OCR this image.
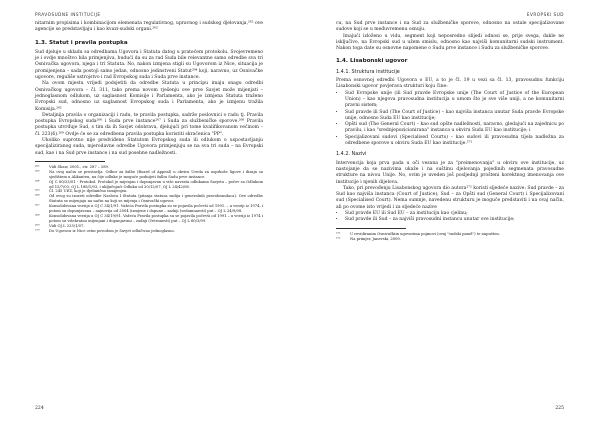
PRAVOSUDNE INSTITUCIJE

nitarnim propisima i kombinacijom elemenata regulativnog, upravnog i sudskog djelovanja,²⁶² ove agencije se predstavljaju i kao kvazi-sudski organi.²⁶³

1.3. Statut i pravila postupka

Sud djeluje u skladu sa odredbama Ugovora i Statuta datog u pratećem protokolu. Svojevremeno je i ovdje mnoštvo bila primjenjiva, budući da su za rad Suda bile relevantne samo odredbe sva tri Osnivačka ugovora, njega i tri Statuta. No, nakon izmjena stigli su Ugovorom iz Nice, situacija je promijenjena – sada postoji samo jedan, odnosno jedinstveni Statut²⁶⁴ koji, naravno, uz Osnivačke ugovore, reguliše ustrojstvo i rad Evropskog suda i Suda prve instance.

Na ovom mjestu vrijedi podsjetiti da odredbe Statuta u principu imaju snagu odredbi Osnivačkog ugovora – čl. 311, tako prema novom rješenju ove prve Savjet može mijenjati – jednoglasnom odlukom, uz saglasnost Komisije i Parlamenta, ako je izmjena Statuta traženo Evropski sud, odnosno uz saglasnost Evropskog suda i Parlamenta, ako je izmjenu tražila Komisija.²⁶⁵

Detaljnija pravila o organizaciji i radu, te pravila postupka, sadrže poslovnici o radu tj. Pravila postupka Evropskog suda²⁶⁶ i Suda prve instance²⁶⁷ i Suda za službeničke sporove.²⁶⁸ Pravila postupka utvrđuje Sud, s tim da ih Savjet odobrava, djelujući pri tome kvalifikovanom većinom – čl. 223(6).²⁶⁹ Ovdje će se za odredbena pravila postupka koristiti skraćenica "PP".

Ukoliko suprotno nije predviđeno Statutom Evropskog suda ili odlukom o uspostavljanju specijaliziranog suda, mjerodavne odredbe Ugovora primjenjuju se na sva tri suda – na Evropski sud, kao i na Sud prve instance i na sud posebne nadležnosti.

²⁶²	Vidi Shaw, 2001., str. 287 – 289.
²⁶³	Na ovaj način se prestavlja. Odbor za žalbe (Board of Appeal) u okviru Ureda za usprkoše ligove i dizajn sa sjedištem u Alikanteu, na čije odluke je moguće podnijeti žalbu Sudu prve instance.
²⁶⁴	OJ C 80/33/01 - Protokol. Protokol je mijenjan i dopunjavan u više navrata odlukama Savjeta – počev sa Odlukom od 15/7/03, OJ L 188/1/03, i uključujući Odluku od 20/12/07, OJ L 24/42/08.
²⁶⁵	Čl. 245 UEZ, koji je djelimično izmijenjen.
²⁶⁶	Od ovog su izuzeti odredbe Naslova I Statuta (pitanja statusa sudija i generalnih pravobranilaca). Ove odredbe Statuta se mijenjaju na način na koji se mijenja i Osnivački ugovor.
²⁶⁷	Konsolidovana verzija u OJ C 34/1/91. Važeća Pravila postupka su se pojavila počevši od 1991. – u verziji iz 1974, i potom su dopunjavana – najnovija od 2004 (izmjene i dopune – zadnji (sedamnaesti) put – OJ L 24/9/08.
²⁶⁸	Konsolidovana verzija u OJ C 34/19/91. Važeća Pravila postupka su se pojavila počevši od 1991 – u verziji iz 1974 i potom su višekratno mijenjani i dopunjavani – zadnji (četrnaesti) put – OJ L 60/3/09.
²⁶⁹	Vidi OJ L 225/1/07.
²⁷⁰	Do Ugovora iz Nice ovim povodom je Savjet odlučivao jednoglasno.
224
EVROPSKI SUD

cu, na Sud prve instance i na Sud za službeničke sporove, odnosno na ostale specijalizovane sudove koji se u međuvremenu osnuju.

Imajući izloženo u vidu, segment koji neposredno slijedi odnosi se, prije svega, dakle ne isključivo, na Evropski sud u užem smislu, odnosno kao najviši komunitarni sudski instrument. Nakon toga date su osnovne napomene o Sudu prve instance i Sudu za službeničke sporove.

1.4. Lisabonski ugovor
1.4.1. Struktura institucije

Prema osnovnoj odredbi Ugovora o EU, a to je čl. 19 u vezi sa čl. 13, pravosudnu funkciju Lisabonski ugovor povjerava strukturi koju čine:

• Sud Evropske unije (ili Sud pravde Evropske unije (The Court of Justice of the European Union) – kao njegova pravosudna institucija u umom što je sve više uniji, a ne komunitarni pravni sistem;
• Sud pravde ili Sud (The Court of Justice) – kao najviša instanca unutar Suda pravde Evropske unije, odnosno Suda EU kao institucije;
• Opšti sud (The General Court) – kao sud opšte nadležnosti, naravno, gledajući na zajednicu po pravilu, i kao "srednjepozicionirana" instanca u okviru Suda EU kao institucije; i
• Specijalizovani sudovi (Specialised Courts) – kao sudovi ili pravosudna tijela nadležna za odredbene sporove u okviru Suda EU kao institucije.²⁷¹
1.4.2. Nazivi

Intervencija koja prva pada u oči vezana je za "preimenovanja" u okviru ove institucije, uz nastojanje da se nazivima ukaže i na suštinu djelovanja pojedinih segmenata pravosudne strukture na nivou Unije. No, ovim je uveden još posljednji prošteni korektnog imenovanja ove institucije i njenih dijelova.

Tako, pri prevođenju Lisabonskog ugovora dio autora²⁷² koristi sljedeće nazive: Sud pravde – za Sud kao najviša instanca (Court of Justice), Sud – za Opšti sud (General Court) i Specijalizovani sud (Specialised Court). Nema sumnje, navedenu strukturu je moguće predstaviti i na ovaj način, ali po ovome isto vrijedi i za sljedeće nazive

• Sud pravde EU ili Sud EU – za instituciju kao cjelinu;
• Sud pravde ili Sud – za najviši pravosudni instancu unutar ove institucije;
²⁷¹	U revidiranim Osnivačkim ugovorima pojmovi (ovaj "sudski panel") te napušten.
²⁷²	Na primjer, Janevski, 2009.
225
